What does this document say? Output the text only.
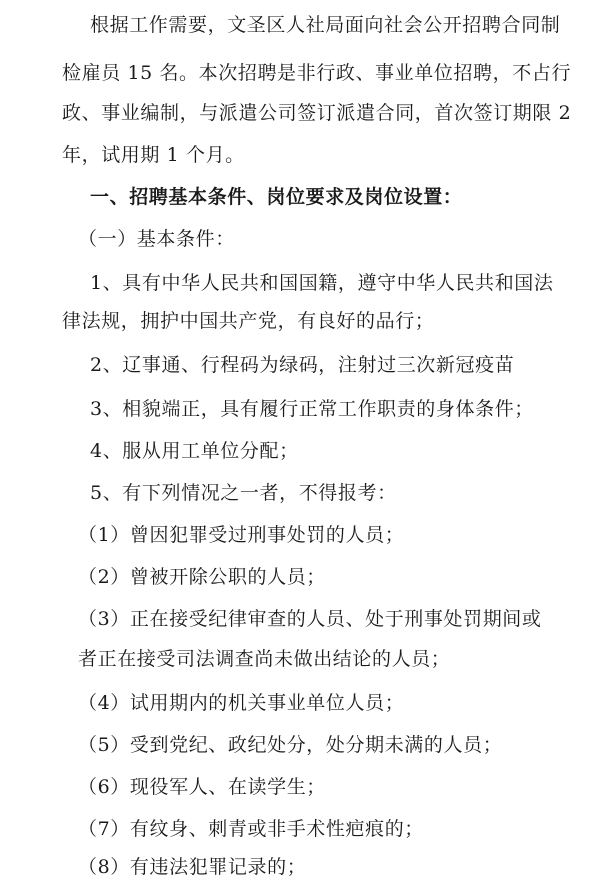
根据工作需要，文圣区人社局面向社会公开招聘合同制
检雇员 15 名。本次招聘是非行政、事业单位招聘，不占行
政、事业编制，与派遣公司签订派遣合同，首次签订期限 2
年，试用期 1 个月。
一、招聘基本条件、岗位要求及岗位设置：
（一）基本条件：
1、具有中华人民共和国国籍，遵守中华人民共和国法
律法规，拥护中国共产党，有良好的品行；
2、辽事通、行程码为绿码，注射过三次新冠疫苗
3、相貌端正，具有履行正常工作职责的身体条件；
4、服从用工单位分配；
5、有下列情况之一者，不得报考：
（1）曾因犯罪受过刑事处罚的人员；
（2）曾被开除公职的人员；
（3）正在接受纪律审查的人员、处于刑事处罚期间或
者正在接受司法调查尚未做出结论的人员；
（4）试用期内的机关事业单位人员；
（5）受到党纪、政纪处分，处分期未满的人员；
（6）现役军人、在读学生；
（7）有纹身、刺青或非手术性疤痕的；
（8）有违法犯罪记录的；
